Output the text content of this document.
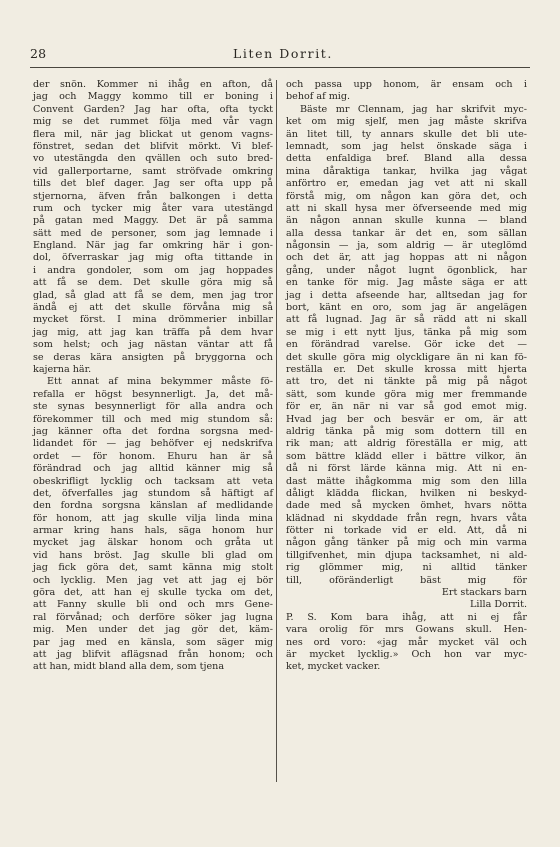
28	Liten Dorrit.
der snön. Kommer ni ihåg en afton, då
jag och Maggy kommo till er boning i
Convent Garden? Jag har ofta, ofta tyckt
mig se det rummet följa med vår vagn
flera mil, när jag blickat ut genom vagns-
fönstret, sedan det blifvit mörkt. Vi blef-
vo utestängda den qvällen och suto bred-
vid gallerportarne, samt ströfvade omkring
tills det blef dager. Jag ser ofta upp på
stjernorna, äfven från balkongen i detta
rum och tycker mig åter vara utestängd
på gatan med Maggy. Det är på samma
sätt med de personer, som jag lemnade i
England. När jag far omkring här i gon-
dol, öfverraskar jag mig ofta tittande in
i andra gondoler, som om jag hoppades
att få se dem. Det skulle göra mig så
glad, så glad att få se dem, men jag tror
ändå ej att det skulle förvåna mig så
mycket först. I mina drömmerier inbillar
jag mig, att jag kan träffa på dem hvar
som helst; och jag nästan väntar att få
se deras kära ansigten på bryggorna och
kajerna här.
Ett annat af mina bekymmer måste fö-
refalla er högst besynnerligt. Ja, det må-
ste synas besynnerligt för alla andra och
förekommer till och med mig stundom så:
jag känner ofta det fordna sorgsna med-
lidandet för — jag behöfver ej nedskrifva
ordet — för honom. Ehuru han är så
förändrad och jag alltid känner mig så
obeskrifligt lycklig och tacksam att veta
det, öfverfalles jag stundom så häftigt af
den fordna sorgsna känslan af medlidande
för honom, att jag skulle vilja linda mina
armar kring hans hals, säga honom hur
mycket jag älskar honom och gråta ut
vid hans bröst. Jag skulle bli glad om
jag fick göra det, samt känna mig stolt
och lycklig. Men jag vet att jag ej bör
göra det, att han ej skulle tycka om det,
att Fanny skulle bli ond och mrs Gene-
ral förvånad; och derföre söker jag lugna
mig. Men under det jag gör det, käm-
par jag med en känsla, som säger mig
att jag blifvit aflägsnad från honom; och
att han, midt bland alla dem, som tjena
och passa upp honom, är ensam och i
behof af mig.
Bäste mr Clennam, jag har skrifvit myc-
ket om mig sjelf, men jag måste skrifva
än litet till, ty annars skulle det bli ute-
lemnadt, som jag helst önskade säga i
detta enfaldiga bref. Bland alla dessa
mina dåraktiga tankar, hvilka jag vågat
anförtro er, emedan jag vet att ni skall
förstå mig, om någon kan göra det, och
att ni skall hysa mer öfverseende med mig
än någon annan skulle kunna — bland
alla dessa tankar är det en, som sällan
någonsin — ja, som aldrig — är uteglömd
och det är, att jag hoppas att ni någon
gång, under något lugnt ögonblick, har
en tanke för mig. Jag måste säga er att
jag i detta afseende har, alltsedan jag for
bort, känt en oro, som jag är angelägen
att få lugnad. Jag är så rädd att ni skall
se mig i ett nytt ljus, tänka på mig som
en förändrad varelse. Gör icke det —
det skulle göra mig olyckligare än ni kan fö-
reställa er. Det skulle krossa mitt hjerta
att tro, det ni tänkte på mig på något
sätt, som kunde göra mig mer fremmande
för er, än när ni var så god emot mig.
Hvad jag ber och besvär er om, är att
aldrig tänka på mig som dottern till en
rik man; att aldrig föreställa er mig, att
som bättre klädd eller i bättre vilkor, än
då ni först lärde känna mig. Att ni en-
dast mätte ihågkomma mig som den lilla
dåligt klädda flickan, hvilken ni beskyd-
dade med så mycken ömhet, hvars nötta
klädnad ni skyddade från regn, hvars våta
fötter ni torkade vid er eld. Att, då ni
någon gång tänker på mig och min varma
tillgifvenhet, min djupa tacksamhet, ni ald-
rig glömmer mig, ni alltid tänker
till, oföränderligt bäst mig för
Ert stackars barn
Lilla Dorrit.
P. S. Kom bara ihåg, att ni ej får
vara orolig för mrs Gowans skull. Hen-
nes ord voro: «jag mår mycket väl och
är mycket lycklig.» Och hon var myc-
ket, mycket vacker.
